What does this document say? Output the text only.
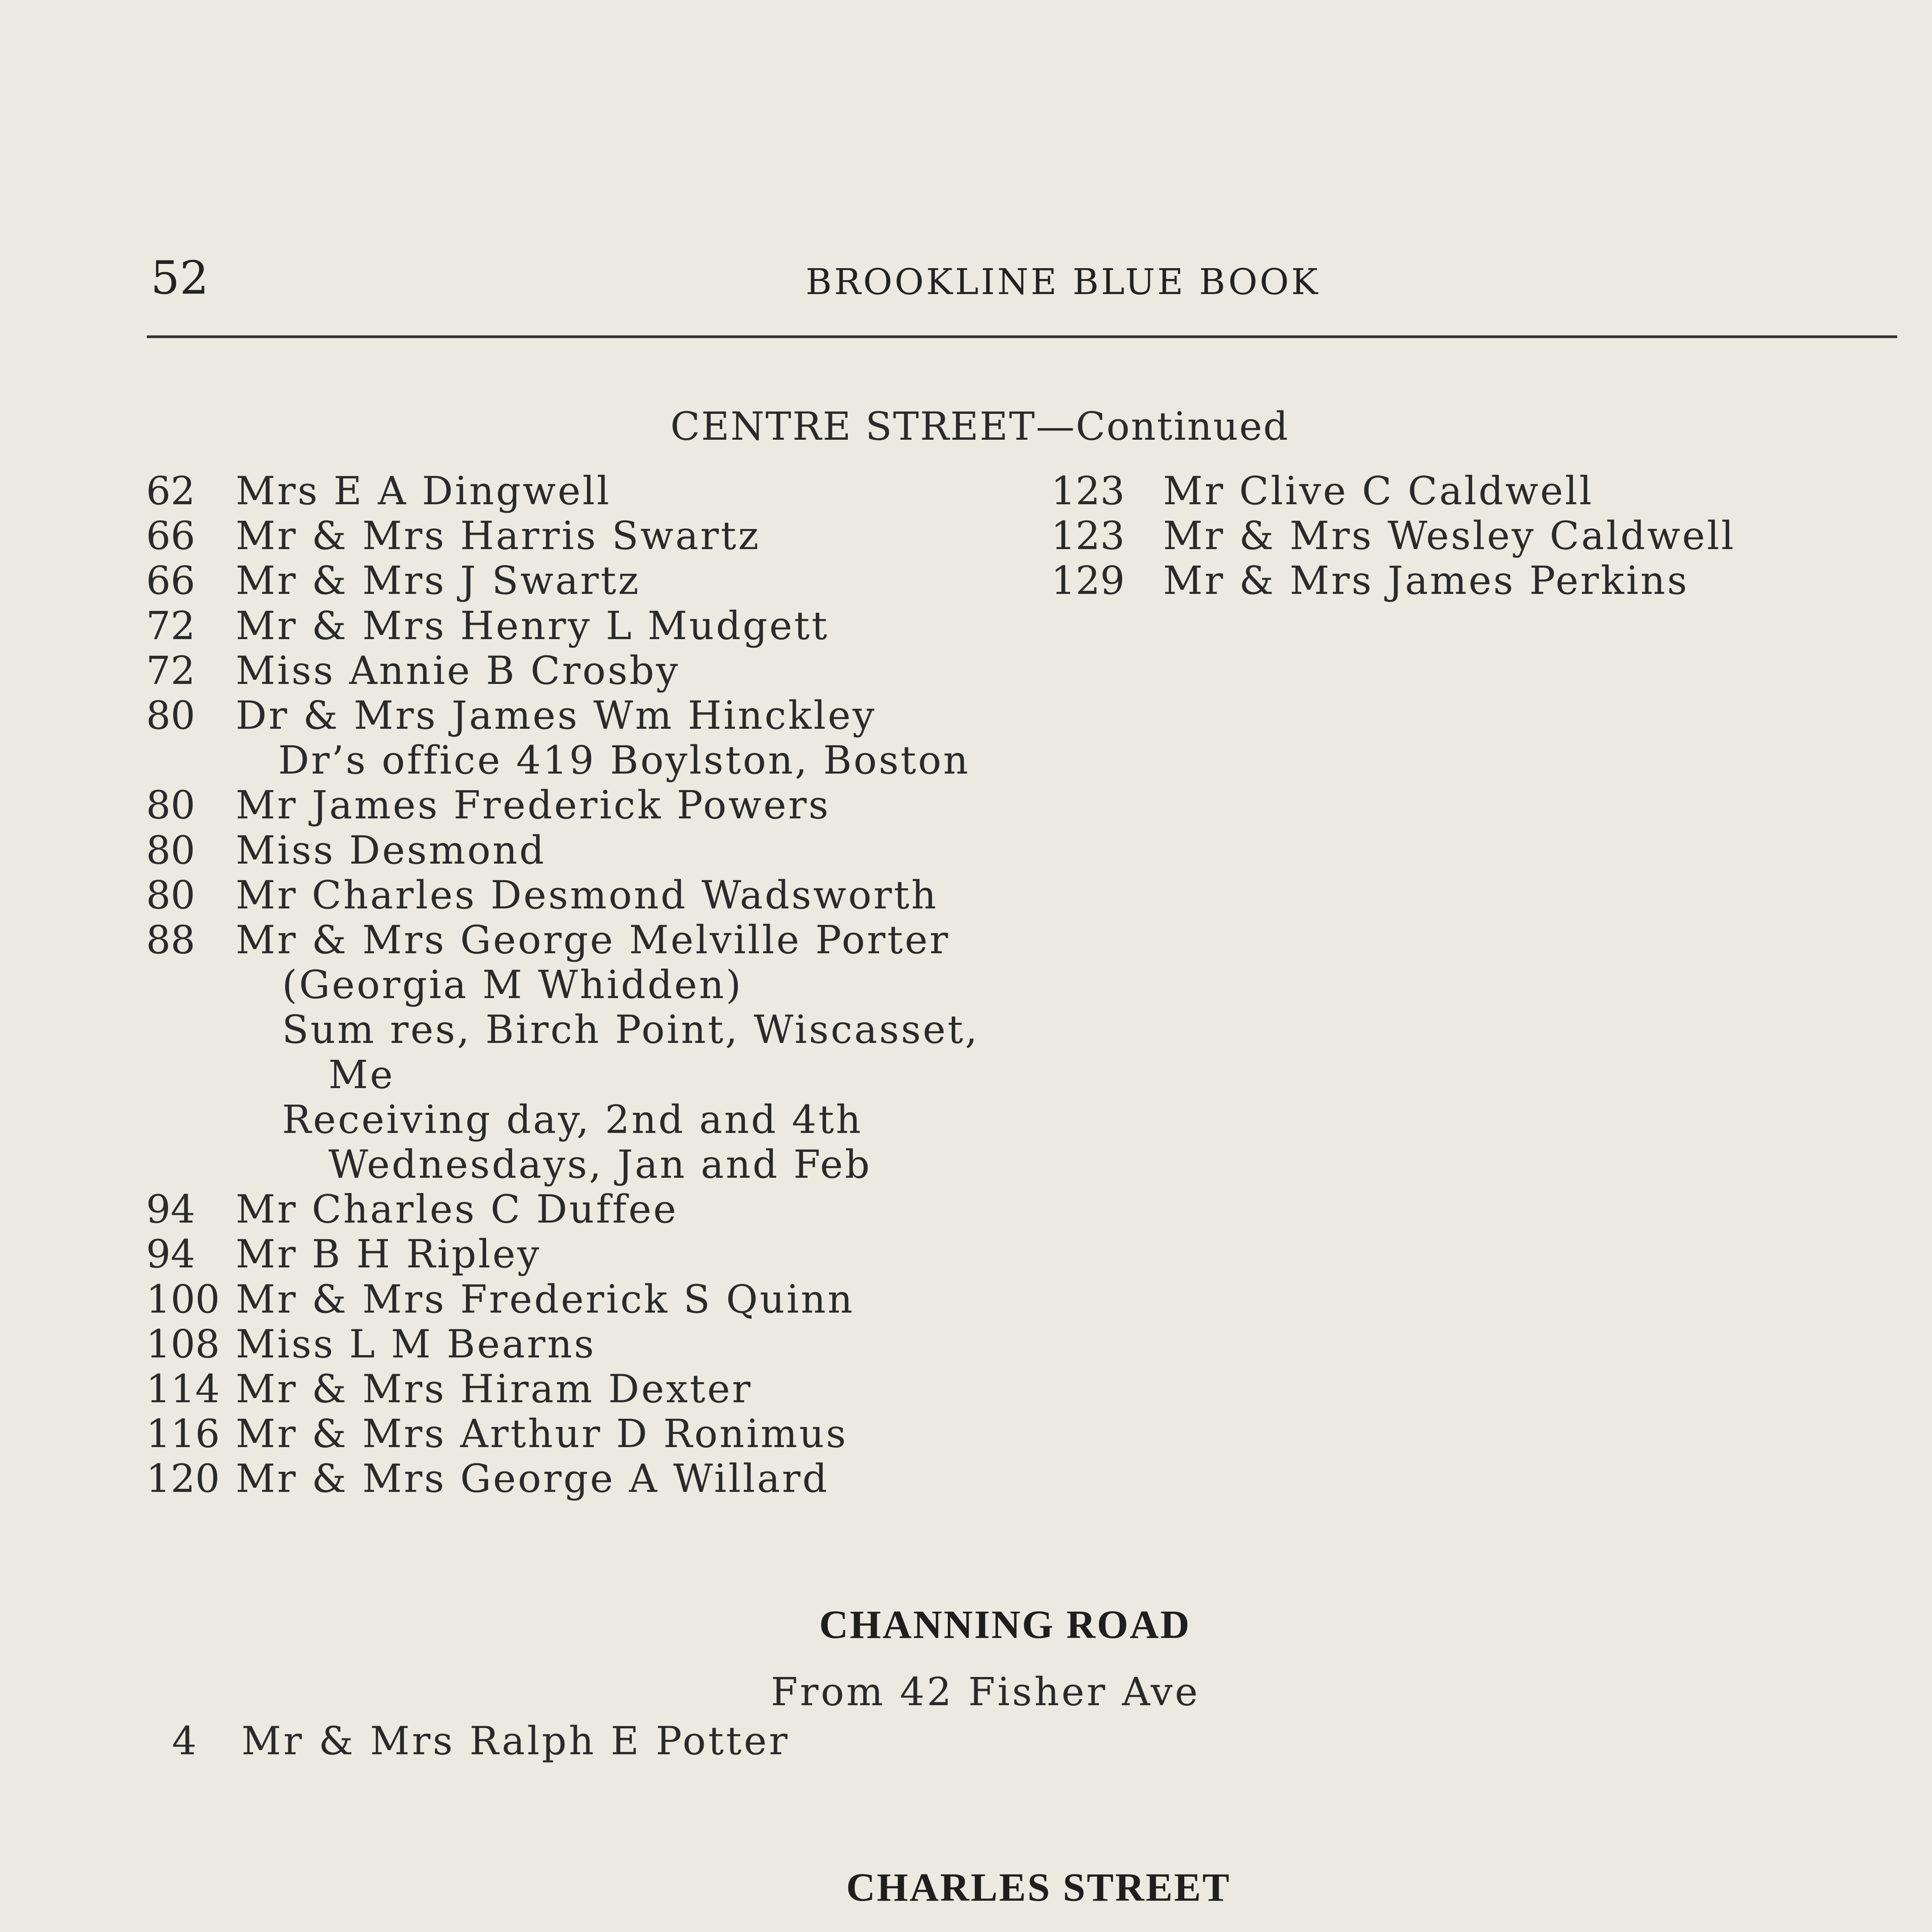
52	BROOKLINE BLUE BOOK
CENTRE STREET—Continued
62 Mrs E A Dingwell
66 Mr & Mrs Harris Swartz
66 Mr & Mrs J Swartz
72 Mr & Mrs Henry L Mudgett
72 Miss Annie B Crosby
80 Dr & Mrs James Wm Hinckley
Dr’s office 419 Boylston, Boston
80 Mr James Frederick Powers
80 Miss Desmond
80 Mr Charles Desmond Wadsworth
88 Mr & Mrs George Melville Porter
(Georgia M Whidden)
Sum res, Birch Point, Wiscasset,
Me
Receiving day, 2nd and 4th
Wednesdays, Jan and Feb
94 Mr Charles C Duffee
94 Mr B H Ripley
100 Mr & Mrs Frederick S Quinn
108 Miss L M Bearns
114 Mr & Mrs Hiram Dexter
116 Mr & Mrs Arthur D Ronimus
120 Mr & Mrs George A Willard
123 Mr Clive C Caldwell
123 Mr & Mrs Wesley Caldwell
129 Mr & Mrs James Perkins
CHANNING ROAD
From 42 Fisher Ave
4 Mr & Mrs Ralph E Potter
CHARLES STREET
